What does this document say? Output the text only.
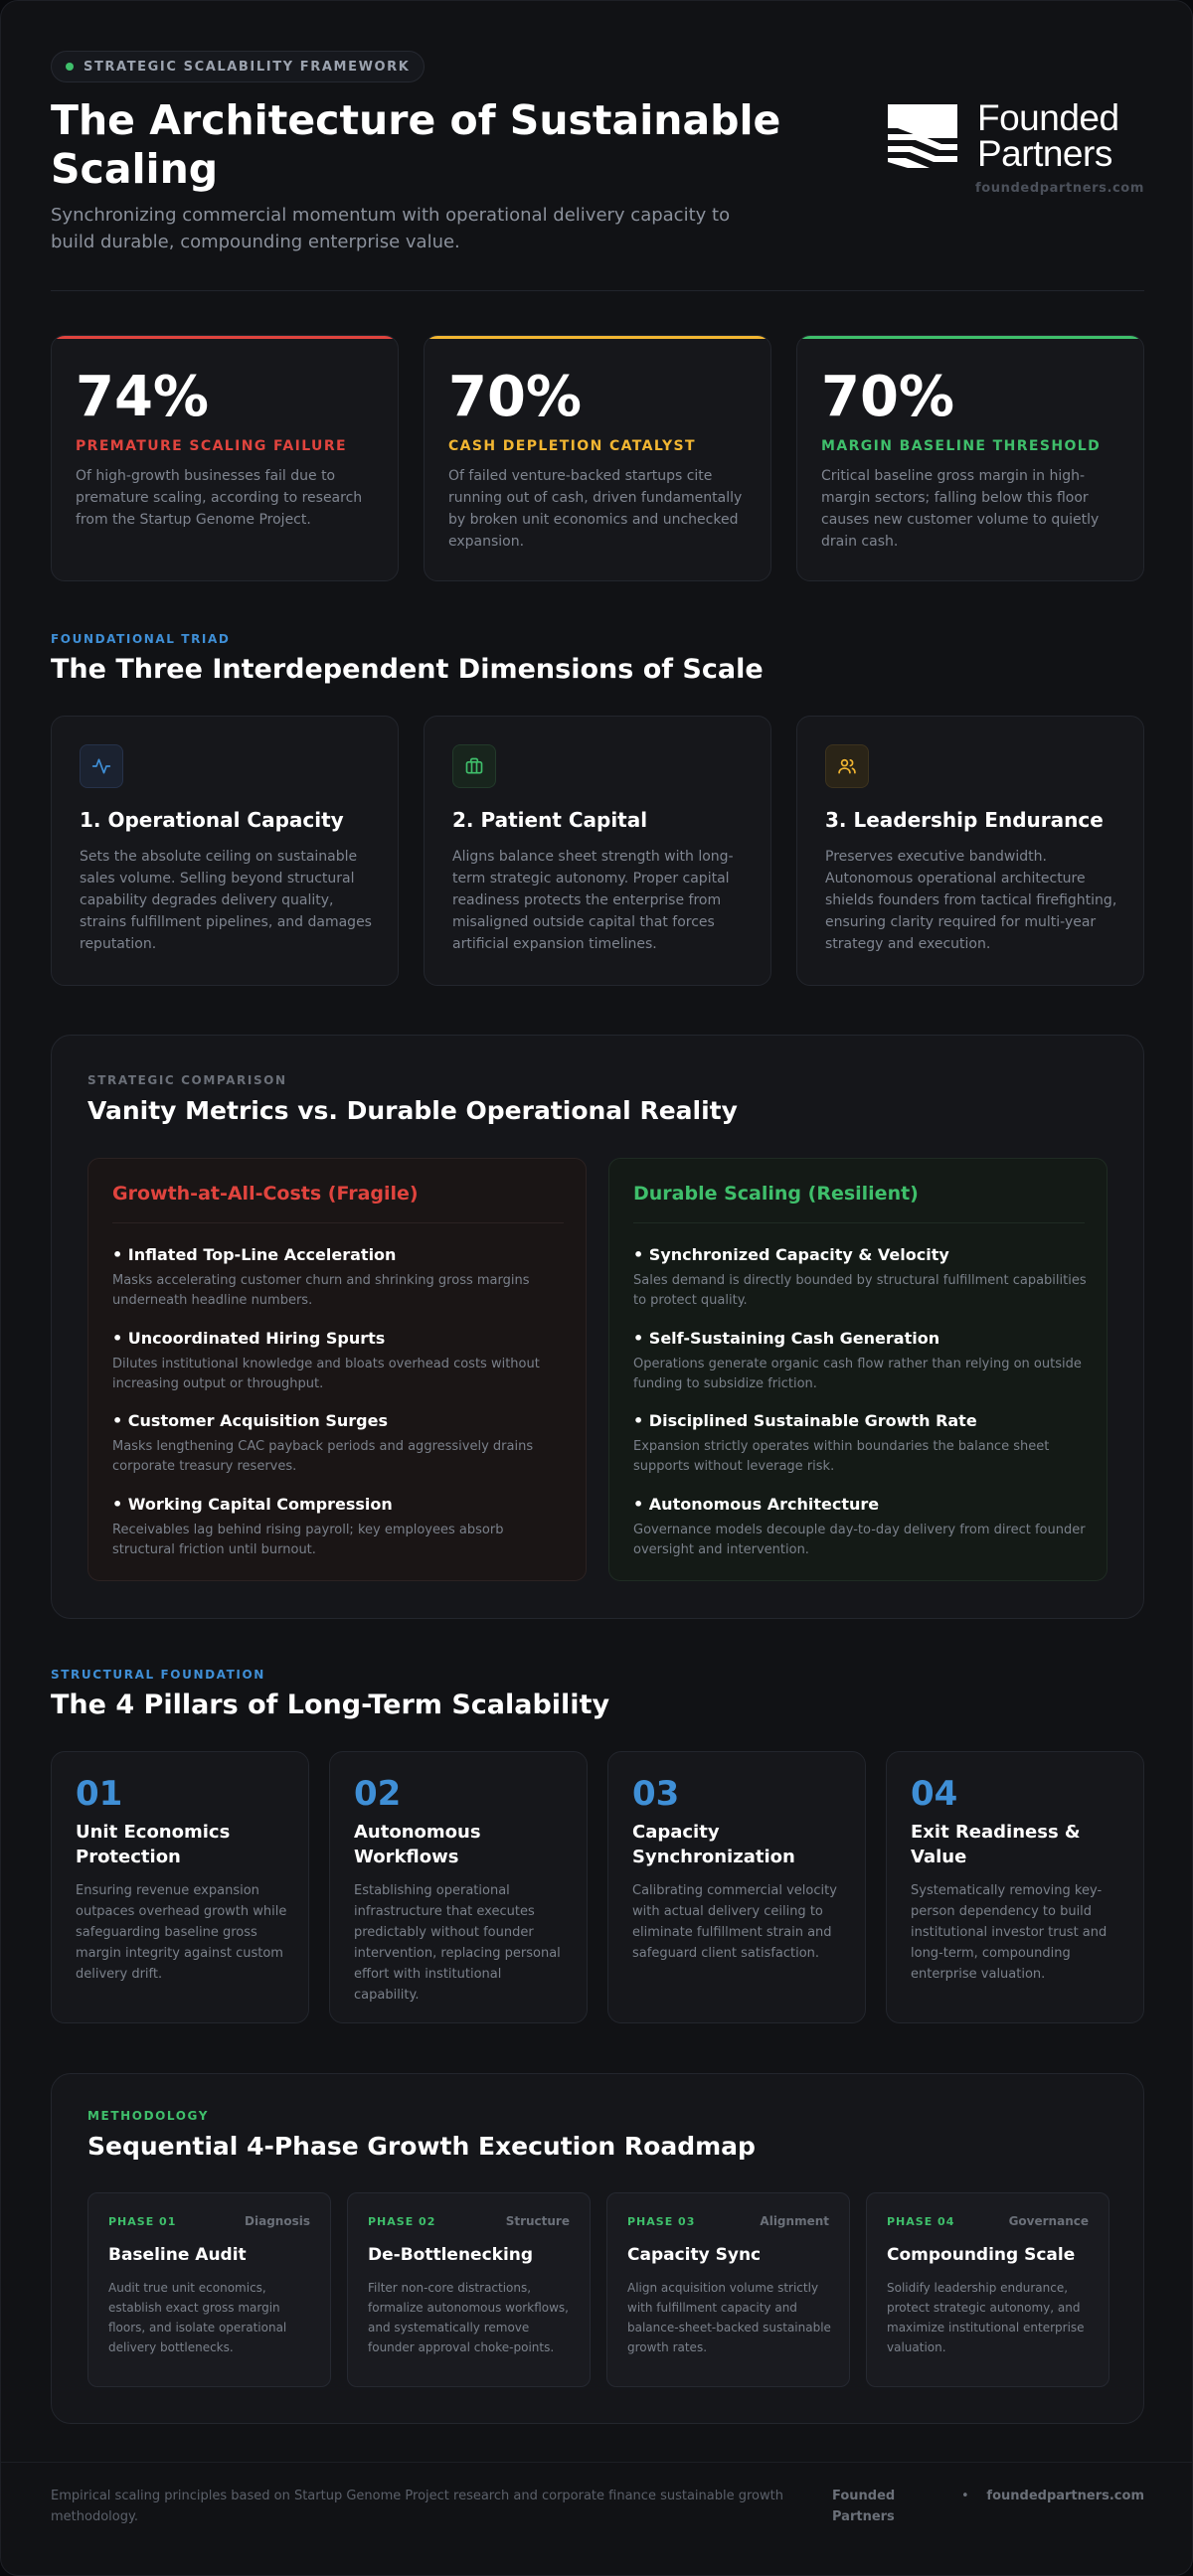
STRATEGIC SCALABILITY FRAMEWORK
The Architecture of Sustainable Scaling
Synchronizing commercial momentum with operational delivery capacity to build durable, compounding enterprise value.
Founded
Partners
foundedpartners.com
74%
PREMATURE SCALING FAILURE
Of high-growth businesses fail due to premature scaling, according to research from the Startup Genome Project.
70%
CASH DEPLETION CATALYST
Of failed venture-backed startups cite running out of cash, driven fundamentally by broken unit economics and unchecked expansion.
70%
MARGIN BASELINE THRESHOLD
Critical baseline gross margin in high-margin sectors; falling below this floor causes new customer volume to quietly drain cash.
FOUNDATIONAL TRIAD
The Three Interdependent Dimensions of Scale
1. Operational Capacity
Sets the absolute ceiling on sustainable sales volume. Selling beyond structural capability degrades delivery quality, strains fulfillment pipelines, and damages reputation.
2. Patient Capital
Aligns balance sheet strength with long-term strategic autonomy. Proper capital readiness protects the enterprise from misaligned outside capital that forces artificial expansion timelines.
3. Leadership Endurance
Preserves executive bandwidth. Autonomous operational architecture shields founders from tactical firefighting, ensuring clarity required for multi-year strategy and execution.
STRATEGIC COMPARISON
Vanity Metrics vs. Durable Operational Reality
Growth-at-All-Costs (Fragile)
• Inflated Top-Line Acceleration
Masks accelerating customer churn and shrinking gross margins underneath headline numbers.
• Uncoordinated Hiring Spurts
Dilutes institutional knowledge and bloats overhead costs without increasing output or throughput.
• Customer Acquisition Surges
Masks lengthening CAC payback periods and aggressively drains corporate treasury reserves.
• Working Capital Compression
Receivables lag behind rising payroll; key employees absorb structural friction until burnout.
Durable Scaling (Resilient)
• Synchronized Capacity & Velocity
Sales demand is directly bounded by structural fulfillment capabilities to protect quality.
• Self-Sustaining Cash Generation
Operations generate organic cash flow rather than relying on outside funding to subsidize friction.
• Disciplined Sustainable Growth Rate
Expansion strictly operates within boundaries the balance sheet supports without leverage risk.
• Autonomous Architecture
Governance models decouple day-to-day delivery from direct founder oversight and intervention.
STRUCTURAL FOUNDATION
The 4 Pillars of Long-Term Scalability
01
Unit Economics Protection
Ensuring revenue expansion outpaces overhead growth while safeguarding baseline gross margin integrity against custom delivery drift.
02
Autonomous Workflows
Establishing operational infrastructure that executes predictably without founder intervention, replacing personal effort with institutional capability.
03
Capacity Synchronization
Calibrating commercial velocity with actual delivery ceiling to eliminate fulfillment strain and safeguard client satisfaction.
04
Exit Readiness & Value
Systematically removing key-person dependency to build institutional investor trust and long-term, compounding enterprise valuation.
METHODOLOGY
Sequential 4-Phase Growth Execution Roadmap
PHASE 01	Diagnosis
Baseline Audit
Audit true unit economics, establish exact gross margin floors, and isolate operational delivery bottlenecks.
PHASE 02	Structure
De-Bottlenecking
Filter non-core distractions, formalize autonomous workflows, and systematically remove founder approval choke-points.
PHASE 03	Alignment
Capacity Sync
Align acquisition volume strictly with fulfillment capacity and balance-sheet-backed sustainable growth rates.
PHASE 04	Governance
Compounding Scale
Solidify leadership endurance, protect strategic autonomy, and maximize institutional enterprise valuation.
Empirical scaling principles based on Startup Genome Project research and corporate finance sustainable growth methodology.
Founded Partners
• foundedpartners.com
